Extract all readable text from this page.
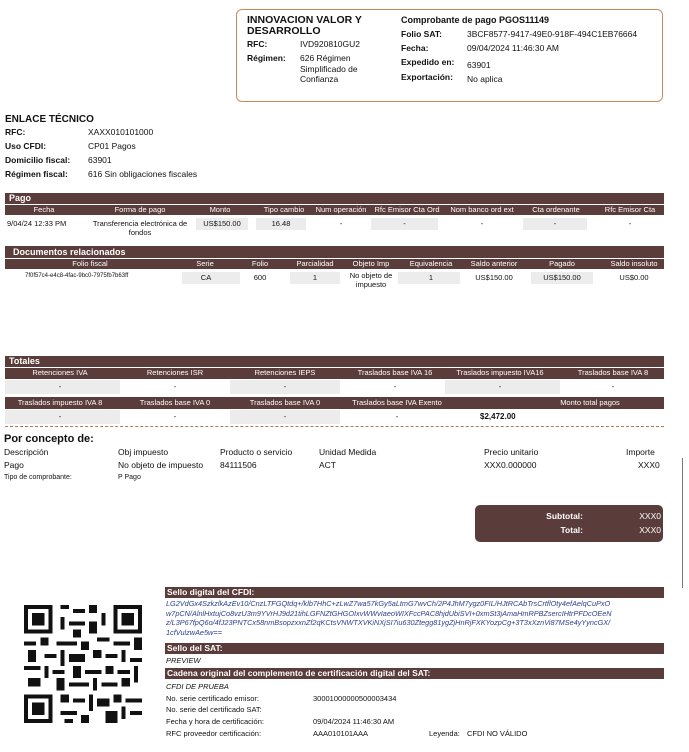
INNOVACION VALOR Y
DESARROLLO
RFC:	IVD920810GU2
Régimen: 626 Régimen
Simplificado de
Confianza
Comprobante de pago PGOS11149
Folio SAT:	3BCF8577-9417-49E0-918F-494C1EB76664
Fecha:	09/04/2024 11:46:30 AM
Expedido en: 63901
Exportación: No aplica
ENLACE TÉCNICO
RFC:	XAXX010101000
Uso CFDI:	CP01 Pagos
Domicilio fiscal: 63901
Régimen fiscal: 616 Sin obligaciones fiscales
Pago
Fecha	Forma de pago	Monto	Tipo cambio	Num operación	Rfc Emisor Cta Ord	Nom banco ord ext	Cta ordenante	Rfc Emisor Cta
9/04/24 12:33 PM	Transferencia electrónica de
fondos
US$150.00	16.48	-	-	-	-	-
Documentos relacionados
Folio fiscal	Serie	Folio	Parcialidad	Objeto Imp	Equivalencia	Saldo anterior	Pagado	Saldo insoluto
7f0f57c4-e4c8-4fac-9bc0-7975fb7b63ff	CA	600	1	No objeto de
impuesto
1	US$150.00	US$150.00	US$0.00
Totales
Retenciones IVA	Retenciones ISR	Retenciones IEPS	Traslados base IVA 16	Traslados impuesto IVA16	Traslados base IVA 8
-	-	-	-	-	-
Traslados impuesto IVA 8	Traslados base IVA 0	Traslados base IVA 0	Traslados base IVA Exento	Monto total pagos
-	-	-	-	$2,472.00
Por concepto de:
Descripción	Obj impuesto	Producto o servicio	Unidad Medida	Precio unitario	Importe
Pago	No objeto de impuesto 84111506	ACT	XXX0.000000	XXX0
Tipo de comprobante:	P Pago
Subtotal:	XXX0
Total:	XXX0
Sello digital del CFDI:
LG2VdGx4SzkzlkAzEv10/CnzLTFGQtdq+/klb7HhC+zLwZ7wa57kGy5aLtmG7wvCh/2P4JhM7ygz0FIL/HJtRCAbTrsCrtflOty4efAelqCuPxO
w7pCN/AlnlHxtujCo8vzU3m9YVrHJ9d21tihLGFNZtGHGOIxvWWvIaeoWIXFccPAC8hjdUbiSVI+0xmSt3jAmaHmRPBZsercIHtrPFDcOEeN
z/L3P67fpQ6o/4fJ23PNTCx58nmBsopzxxnZf2qKCtsVNWTXVKiNXjSI7iu630Ztegg81ygZjHnRjFXKYozpCg+3T3xXznVi87MSe4yYyncGX/
1cfVulzwAe5w==
Sello del SAT:
PREVIEW
Cadena original del complemento de certificación digital del SAT:
CFDI DE PRUEBA
No. serie certificado emisor:	30001000000500003434
No. serie del certificado SAT:
Fecha y hora de certificación:	09/04/2024 11:46:30 AM
RFC proveedor certificación:	AAA010101AAA	Leyenda: CFDI NO VÁLIDO
